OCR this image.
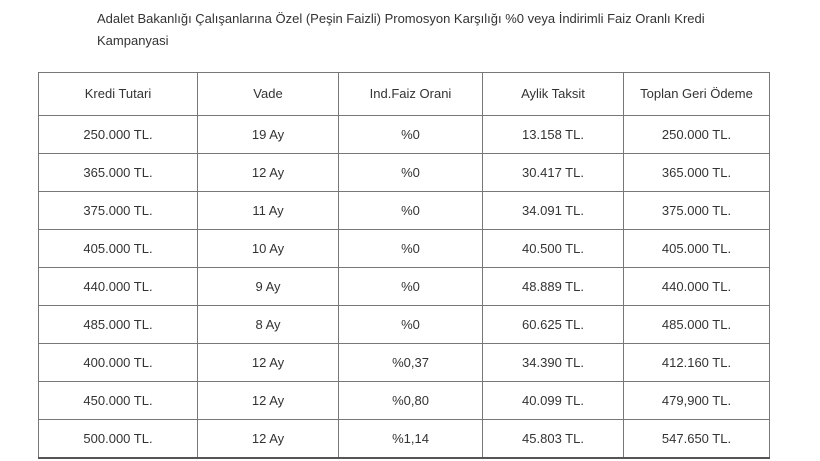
Adalet Bakanlığı Çalışanlarına Özel (Peşin Faizli) Promosyon Karşılığı %0 veya İndirimli Faiz Oranlı Kredi Kampanyasi
Kredi Tutari	Vade	Ind.Faiz Orani	Aylik Taksit	Toplan Geri Ödeme
250.000 TL.	19 Ay	%0	13.158 TL.	250.000 TL.
365.000 TL.	12 Ay	%0	30.417 TL.	365.000 TL.
375.000 TL.	11 Ay	%0	34.091 TL.	375.000 TL.
405.000 TL.	10 Ay	%0	40.500 TL.	405.000 TL.
440.000 TL.	9 Ay	%0	48.889 TL.	440.000 TL.
485.000 TL.	8 Ay	%0	60.625 TL.	485.000 TL.
400.000 TL.	12 Ay	%0,37	34.390 TL.	412.160 TL.
450.000 TL.	12 Ay	%0,80	40.099 TL.	479,900 TL.
500.000 TL.	12 Ay	%1,14	45.803 TL.	547.650 TL.
